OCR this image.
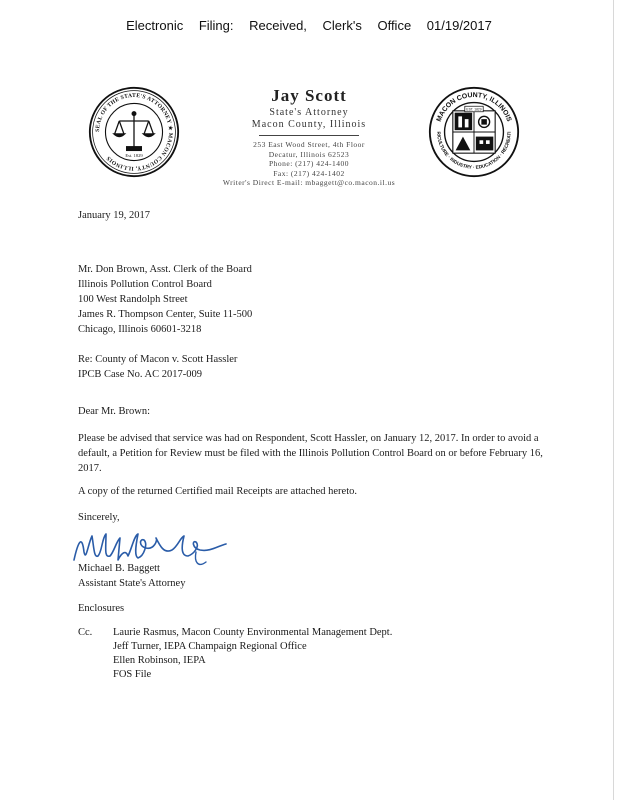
Electronic Filing: Received, Clerk's Office 01/19/2017
SEAL OF THE STATE'S ATTORNEY ★ MACON COUNTY, ILLINOIS	Est. 1829
MACON COUNTY, ILLINOIS
RICULTURE · INDUSTRY · EDUCATION · RECREATI
EST. 1829
Jay Scott
State's Attorney
Macon County, Illinois
253 East Wood Street, 4th Floor
Decatur, Illinois 62523
Phone: (217) 424-1400
Fax: (217) 424-1402
Writer's Direct E-mail: mbaggett@co.macon.il.us
January 19, 2017
Mr. Don Brown, Asst. Clerk of the Board
Illinois Pollution Control Board
100 West Randolph Street
James R. Thompson Center, Suite 11-500
Chicago, Illinois 60601-3218
Re: County of Macon v. Scott Hassler
IPCB Case No. AC 2017-009
Dear Mr. Brown:
Please be advised that service was had on Respondent, Scott Hassler, on January 12, 2017. In order to avoid a default, a Petition for Review must be filed with the Illinois Pollution Control Board on or before February 16, 2017.
A copy of the returned Certified mail Receipts are attached hereto.
Sincerely,
Michael B. Baggett
Assistant State's Attorney
Enclosures
Cc. Laurie Rasmus, Macon County Environmental Management Dept.
Jeff Turner, IEPA Champaign Regional Office
Ellen Robinson, IEPA
FOS File
